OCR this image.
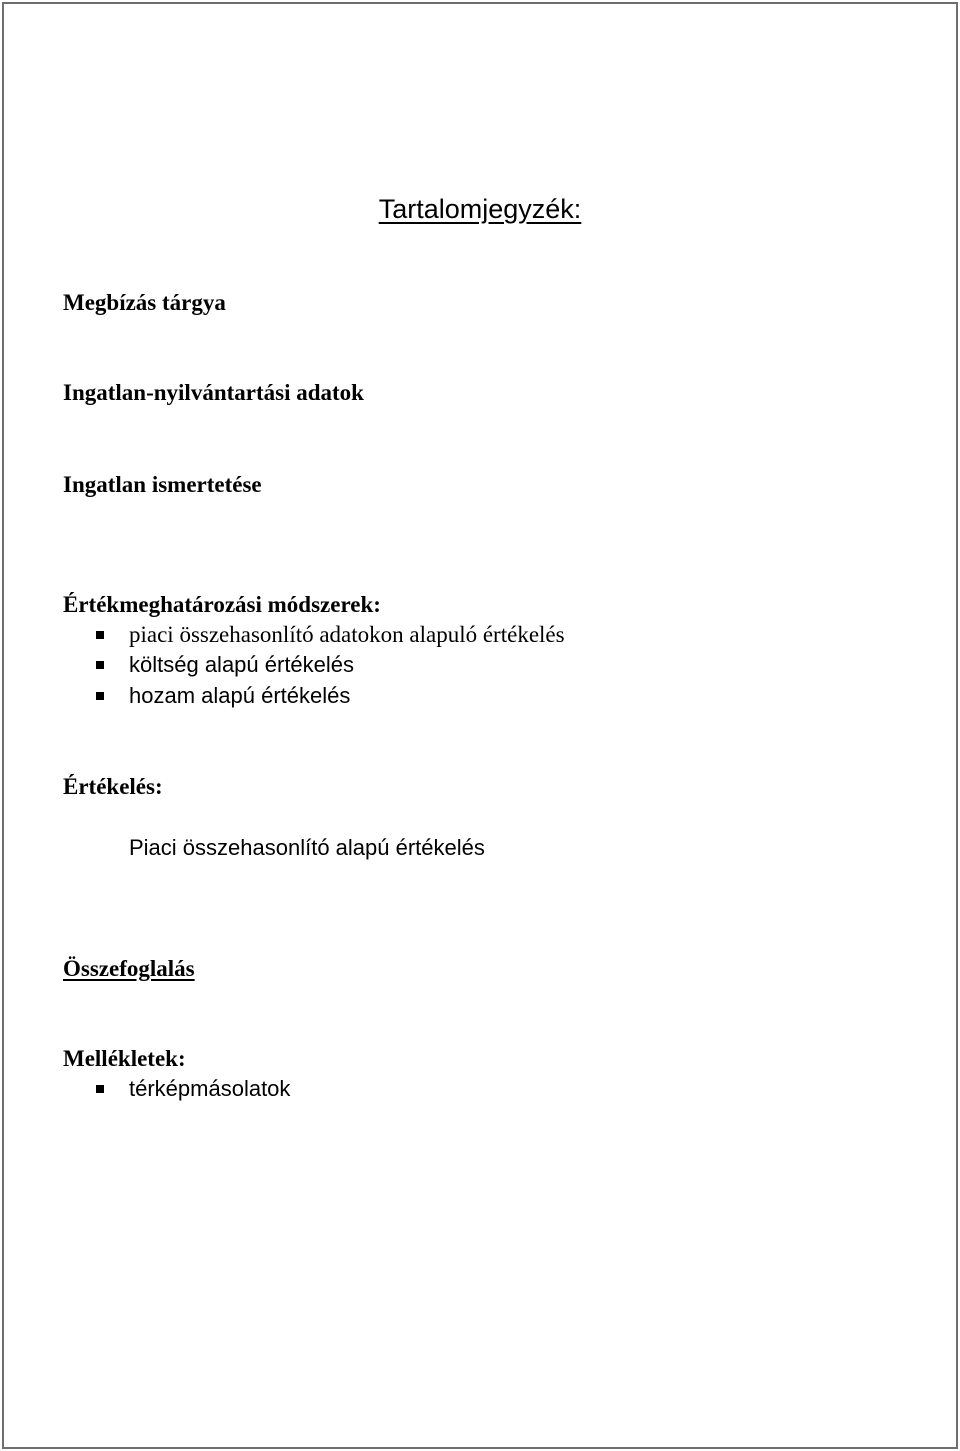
Tartalomjegyzék:
Megbízás tárgya
Ingatlan-nyilvántartási adatok
Ingatlan ismertetése
Értékmeghatározási módszerek:
piaci összehasonlító adatokon alapuló értékelés
költség alapú értékelés
hozam alapú értékelés
Értékelés:
Piaci összehasonlító alapú értékelés
Összefoglalás
Mellékletek:
térképmásolatok
